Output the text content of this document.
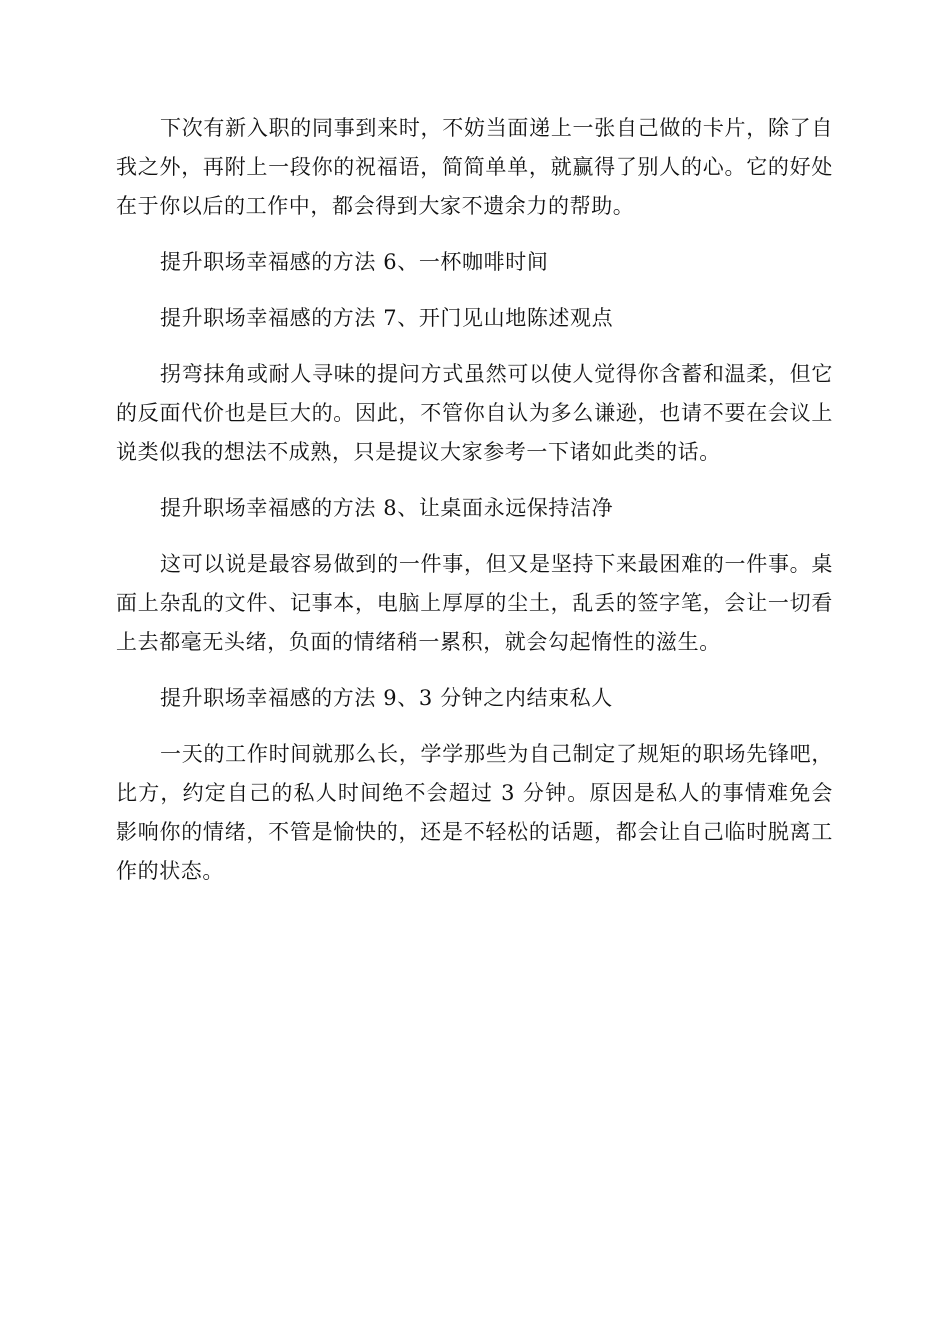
下次有新入职的同事到来时，不妨当面递上一张自己做的卡片，除了自我之外，再附上一段你的祝福语，简简单单，就赢得了别人的心。它的好处在于你以后的工作中，都会得到大家不遗余力的帮助。

提升职场幸福感的方法 6、一杯咖啡时间

提升职场幸福感的方法 7、开门见山地陈述观点

拐弯抹角或耐人寻味的提问方式虽然可以使人觉得你含蓄和温柔，但它的反面代价也是巨大的。因此，不管你自认为多么谦逊，也请不要在会议上说类似我的想法不成熟，只是提议大家参考一下诸如此类的话。

提升职场幸福感的方法 8、让桌面永远保持洁净

这可以说是最容易做到的一件事，但又是坚持下来最困难的一件事。桌面上杂乱的文件、记事本，电脑上厚厚的尘土，乱丢的签字笔，会让一切看上去都毫无头绪，负面的情绪稍一累积，就会勾起惰性的滋生。

提升职场幸福感的方法 9、3 分钟之内结束私人

一天的工作时间就那么长，学学那些为自己制定了规矩的职场先锋吧，比方，约定自己的私人时间绝不会超过 3 分钟。原因是私人的事情难免会影响你的情绪，不管是愉快的，还是不轻松的话题，都会让自己临时脱离工作的状态。
